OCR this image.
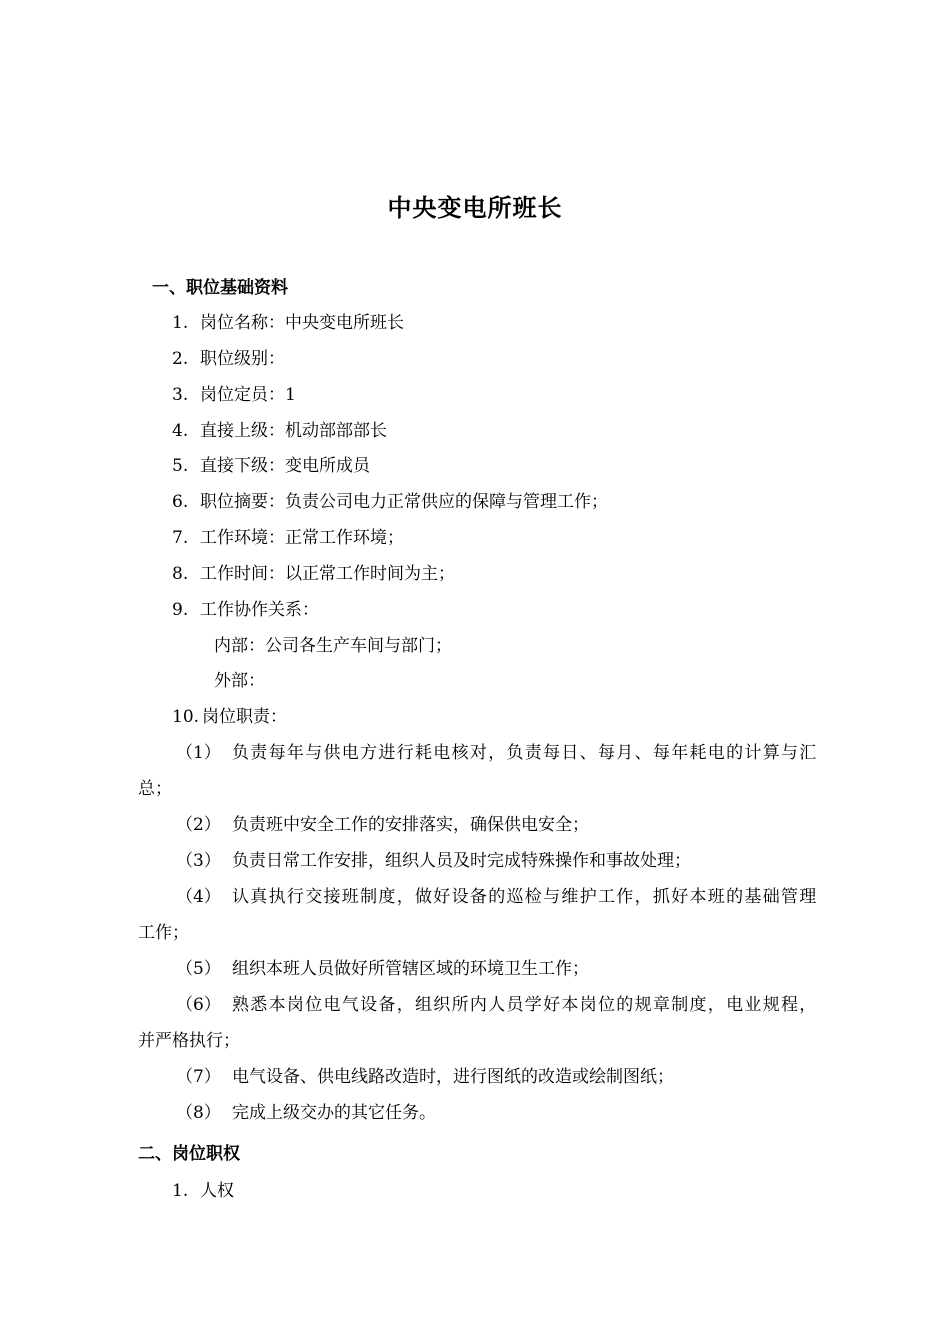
中央变电所班长
一、职位基础资料
1. 岗位名称：中央变电所班长
2. 职位级别：
3. 岗位定员：1
4. 直接上级：机动部部部长
5. 直接下级：变电所成员
6. 职位摘要：负责公司电力正常供应的保障与管理工作；
7. 工作环境：正常工作环境；
8. 工作时间：以正常工作时间为主；
9. 工作协作关系：
内部：公司各生产车间与部门；
外部：
10. 岗位职责：
（1） 负责每年与供电方进行耗电核对，负责每日、每月、每年耗电的计算与汇
总；
（2） 负责班中安全工作的安排落实，确保供电安全；
（3） 负责日常工作安排，组织人员及时完成特殊操作和事故处理；
（4） 认真执行交接班制度，做好设备的巡检与维护工作，抓好本班的基础管理
工作；
（5） 组织本班人员做好所管辖区域的环境卫生工作；
（6） 熟悉本岗位电气设备，组织所内人员学好本岗位的规章制度，电业规程，
并严格执行；
（7） 电气设备、供电线路改造时，进行图纸的改造或绘制图纸；
（8） 完成上级交办的其它任务。
二、岗位职权
1. 人权
